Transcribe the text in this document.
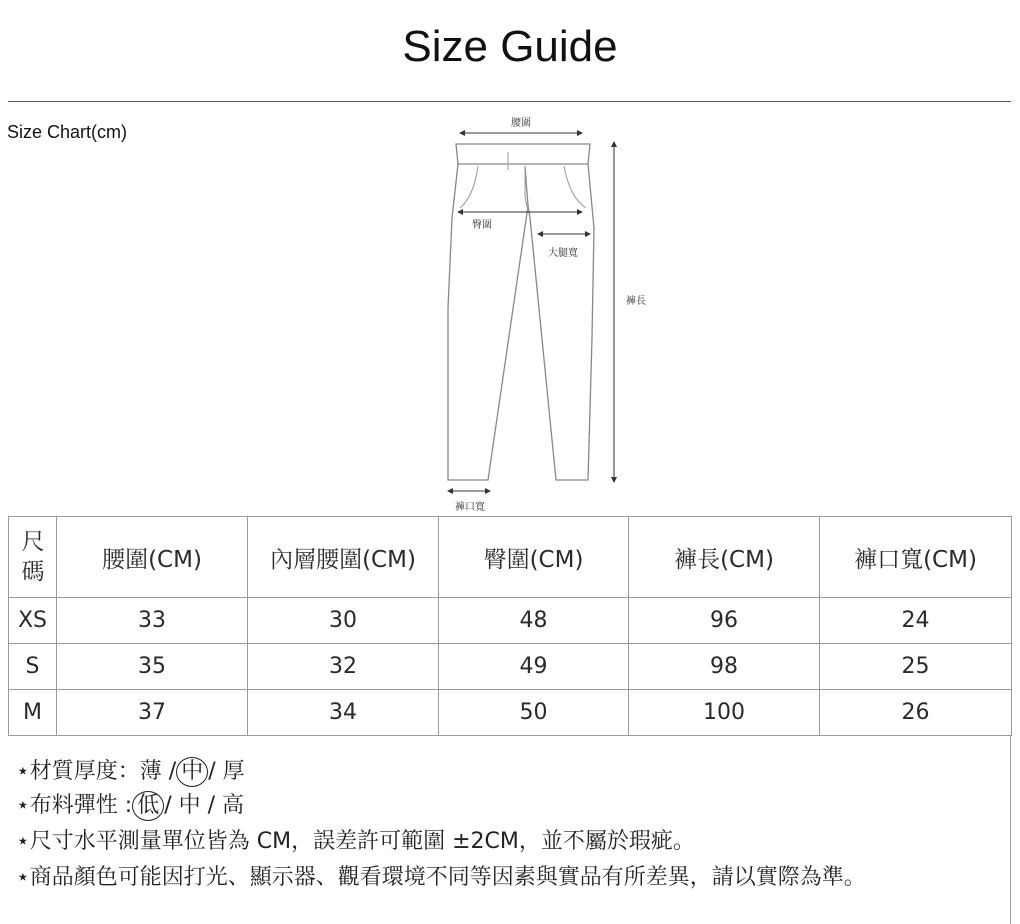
Size Guide
Size Chart(cm)	腰圍
臀圍
大腿寬
褲長
褲口寬
尺碼	腰圍(CM)	內層腰圍(CM)	臀圍(CM)	褲長(CM)	褲口寬(CM)
XS	33	30	48	96	24
S	35	32	49	98	25
M	37	34	50	100	26
⋆材質厚度：薄 / 中 / 厚
⋆布料彈性 : 低 / 中 / 高
⋆尺寸水平測量單位皆為 CM，誤差許可範圍 ±2CM，並不屬於瑕疵。
⋆商品顏色可能因打光、顯示器、觀看環境不同等因素與實品有所差異，請以實際為準。
